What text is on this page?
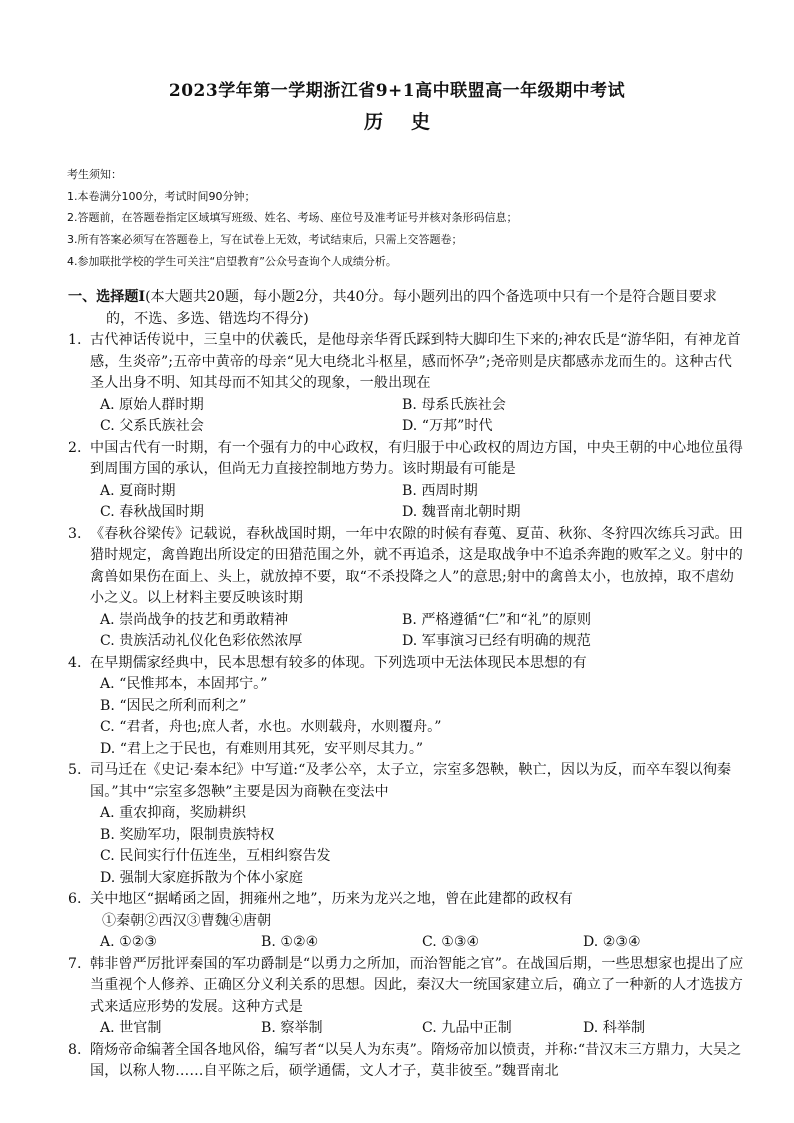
2023学年第一学期浙江省9+1高中联盟高一年级期中考试
历史
考生须知：
1.本卷满分100分，考试时间90分钟；
2.答题前，在答题卷指定区域填写班级、姓名、考场、座位号及准考证号并核对条形码信息；
3.所有答案必须写在答题卷上，写在试卷上无效，考试结束后，只需上交答题卷；
4.参加联批学校的学生可关注“启望教育”公众号查询个人成绩分析。
一、选择题Ⅰ(本大题共20题，每小题2分，共40分。每小题列出的四个备选项中只有一个是符合题目要求的，不选、多选、错选均不得分)
1. 古代神话传说中，三皇中的伏羲氏，是他母亲华胥氏踩到特大脚印生下来的;神农氏是“游华阳，有神龙首感，生炎帝”;五帝中黄帝的母亲“见大电绕北斗枢星，感而怀孕”;尧帝则是庆都感赤龙而生的。这种古代圣人出身不明、知其母而不知其父的现象，一般出现在
A. 原始人群时期	B. 母系氏族社会
C. 父系氏族社会	D. “万邦”时代
2. 中国古代有一时期，有一个强有力的中心政权，有归服于中心政权的周边方国，中央王朝的中心地位虽得到周围方国的承认，但尚无力直接控制地方势力。该时期最有可能是
A. 夏商时期	B. 西周时期
C. 春秋战国时期	D. 魏晋南北朝时期
3. 《春秋谷梁传》记载说，春秋战国时期，一年中农隙的时候有春蒐、夏苗、秋狝、冬狩四次练兵习武。田猎时规定，禽兽跑出所设定的田猎范围之外，就不再追杀，这是取战争中不追杀奔跑的败军之义。射中的禽兽如果伤在面上、头上，就放掉不要，取“不杀投降之人”的意思;射中的禽兽太小，也放掉，取不虐幼小之义。以上材料主要反映该时期
A. 崇尚战争的技艺和勇敢精神	B. 严格遵循“仁”和“礼”的原则
C. 贵族活动礼仪化色彩依然浓厚	D. 军事演习已经有明确的规范
4. 在早期儒家经典中，民本思想有较多的体现。下列选项中无法体现民本思想的有
A. “民惟邦本，本固邦宁。”
B. “因民之所利而利之”
C. “君者，舟也;庶人者，水也。水则载舟，水则覆舟。”
D. “君上之于民也，有难则用其死，安平则尽其力。”
5. 司马迁在《史记·秦本纪》中写道:“及孝公卒，太子立，宗室多怨鞅，鞅亡，因以为反，而卒车裂以徇秦国。”其中“宗室多怨鞅”主要是因为商鞅在变法中
A. 重农抑商，奖励耕织
B. 奖励军功，限制贵族特权
C. 民间实行什伍连坐，互相纠察告发
D. 强制大家庭拆散为个体小家庭
6. 关中地区“据崤函之固，拥雍州之地”，历来为龙兴之地，曾在此建都的政权有
①秦朝②西汉③曹魏④唐朝
A. ①②③	B. ①②④	C. ①③④	D. ②③④
7. 韩非曾严厉批评秦国的军功爵制是“以勇力之所加，而治智能之官”。在战国后期，一些思想家也提出了应当重视个人修养、正确区分义利关系的思想。因此，秦汉大一统国家建立后，确立了一种新的人才选拔方式来适应形势的发展。这种方式是
A. 世官制	B. 察举制	C. 九品中正制	D. 科举制
8. 隋炀帝命编著全国各地风俗，编写者“以吴人为东夷”。隋炀帝加以愤责，并称:“昔汉末三方鼎力，大吴之国，以称人物……自平陈之后，硕学通儒，文人才子，莫非彼至。”魏晋南北
